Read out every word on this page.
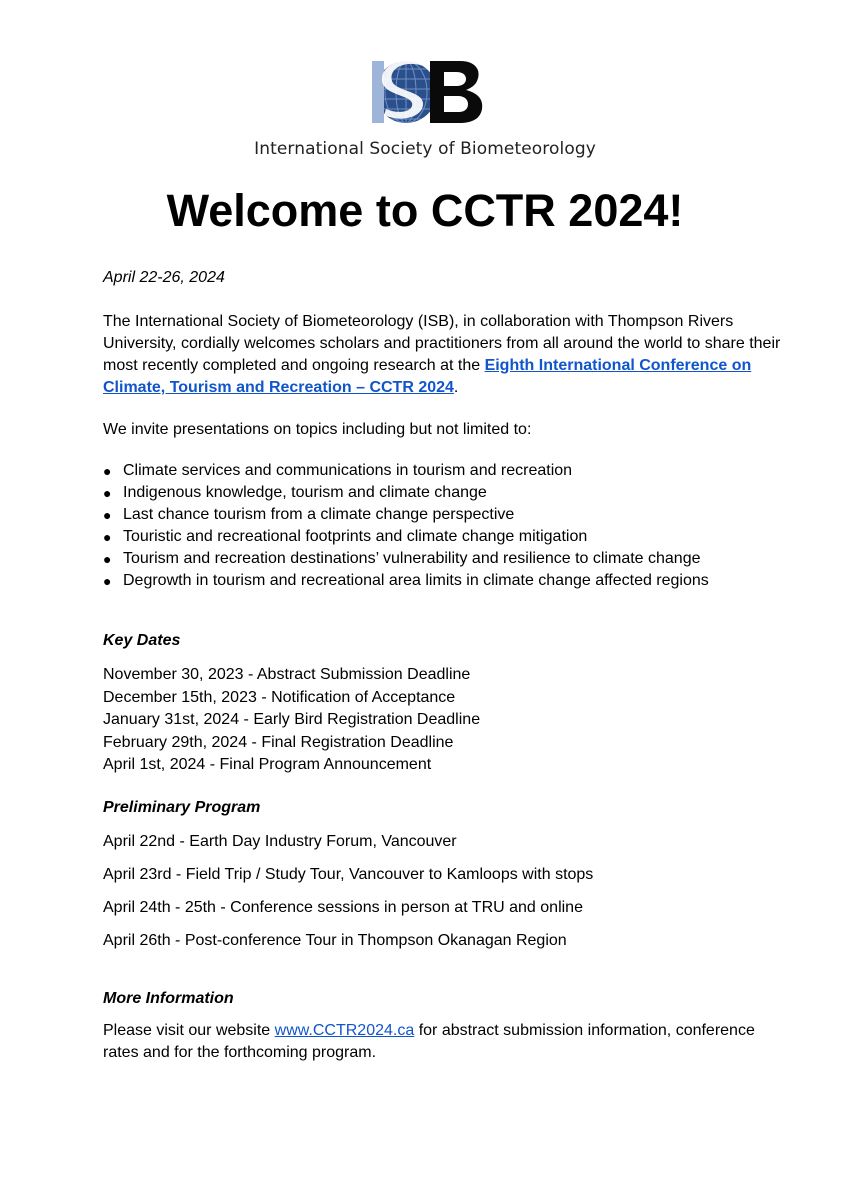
International Society of Biometeorology
Welcome to CCTR 2024!

April 22-26, 2024

The International Society of Biometeorology (ISB), in collaboration with Thompson Rivers University, cordially welcomes scholars and practitioners from all around the world to share their most recently completed and ongoing research at the Eighth International Conference on Climate, Tourism and Recreation – CCTR 2024.

We invite presentations on topics including but not limited to:

● Climate services and communications in tourism and recreation
● Indigenous knowledge, tourism and climate change
● Last chance tourism from a climate change perspective
● Touristic and recreational footprints and climate change mitigation
● Tourism and recreation destinations’ vulnerability and resilience to climate change
● Degrowth in tourism and recreational area limits in climate change affected regions

Key Dates

November 30, 2023 - Abstract Submission Deadline
December 15th, 2023 - Notification of Acceptance
January 31st, 2024 - Early Bird Registration Deadline
February 29th, 2024 - Final Registration Deadline
April 1st, 2024 - Final Program Announcement

Preliminary Program

April 22nd - Earth Day Industry Forum, Vancouver
April 23rd - Field Trip / Study Tour, Vancouver to Kamloops with stops
April 24th - 25th - Conference sessions in person at TRU and online
April 26th - Post-conference Tour in Thompson Okanagan Region

More Information

Please visit our website www.CCTR2024.ca for abstract submission information, conference rates and for the forthcoming program.
